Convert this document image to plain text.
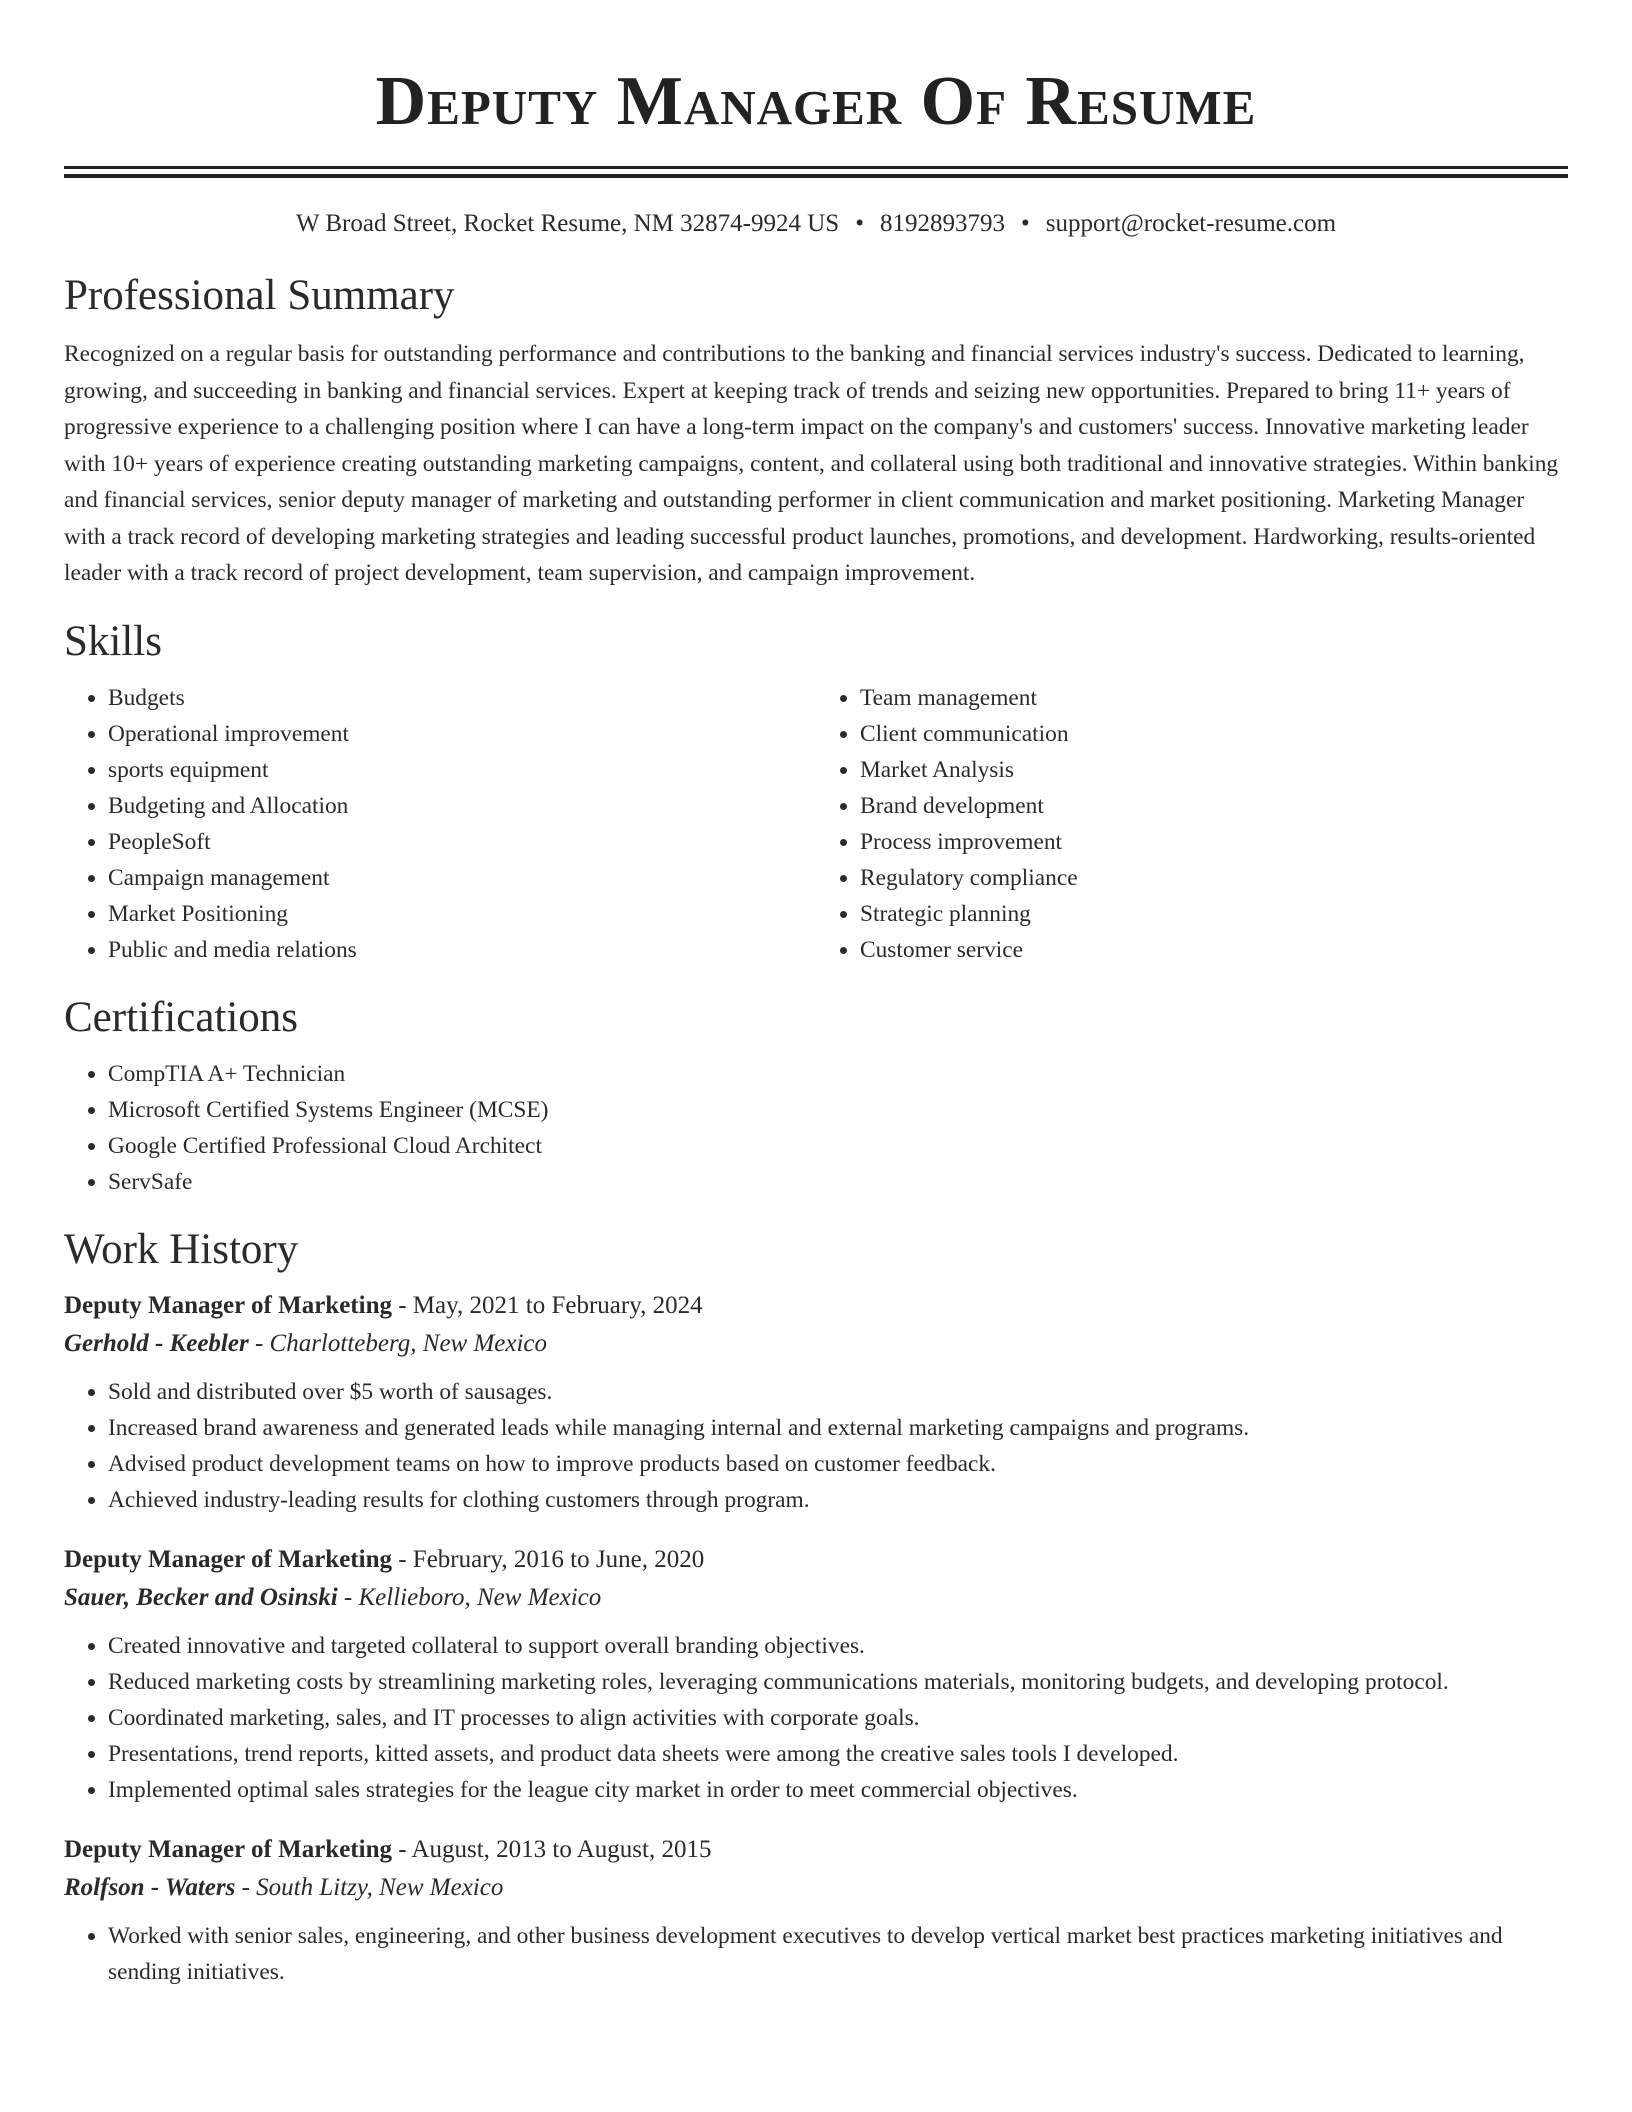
Deputy Manager Of Resume
W Broad Street, Rocket Resume, NM 32874-9924 US • 8192893793 • support@rocket-resume.com
Professional Summary

Recognized on a regular basis for outstanding performance and contributions to the banking and financial services industry's success. Dedicated to learning, growing, and succeeding in banking and financial services. Expert at keeping track of trends and seizing new opportunities. Prepared to bring 11+ years of progressive experience to a challenging position where I can have a long-term impact on the company's and customers' success. Innovative marketing leader with 10+ years of experience creating outstanding marketing campaigns, content, and collateral using both traditional and innovative strategies. Within banking and financial services, senior deputy manager of marketing and outstanding performer in client communication and market positioning. Marketing Manager with a track record of developing marketing strategies and leading successful product launches, promotions, and development. Hardworking, results-oriented leader with a track record of project development, team supervision, and campaign improvement.

Skills
• Budgets
• Operational improvement
• sports equipment
• Budgeting and Allocation
• PeopleSoft
• Campaign management
• Market Positioning
• Public and media relations
• Team management
• Client communication
• Market Analysis
• Brand development
• Process improvement
• Regulatory compliance
• Strategic planning
• Customer service
Certifications
• CompTIA A+ Technician
• Microsoft Certified Systems Engineer (MCSE)
• Google Certified Professional Cloud Architect
• ServSafe
Work History
Deputy Manager of Marketing - May, 2021 to February, 2024
Gerhold - Keebler - Charlotteberg, New Mexico
• Sold and distributed over $5 worth of sausages.
• Increased brand awareness and generated leads while managing internal and external marketing campaigns and programs.
• Advised product development teams on how to improve products based on customer feedback.
• Achieved industry-leading results for clothing customers through program.
Deputy Manager of Marketing - February, 2016 to June, 2020
Sauer, Becker and Osinski - Kellieboro, New Mexico
• Created innovative and targeted collateral to support overall branding objectives.
• Reduced marketing costs by streamlining marketing roles, leveraging communications materials, monitoring budgets, and developing protocol.
• Coordinated marketing, sales, and IT processes to align activities with corporate goals.
• Presentations, trend reports, kitted assets, and product data sheets were among the creative sales tools I developed.
• Implemented optimal sales strategies for the league city market in order to meet commercial objectives.
Deputy Manager of Marketing - August, 2013 to August, 2015
Rolfson - Waters - South Litzy, New Mexico
• Worked with senior sales, engineering, and other business development executives to develop vertical market best practices marketing initiatives and sending initiatives.
